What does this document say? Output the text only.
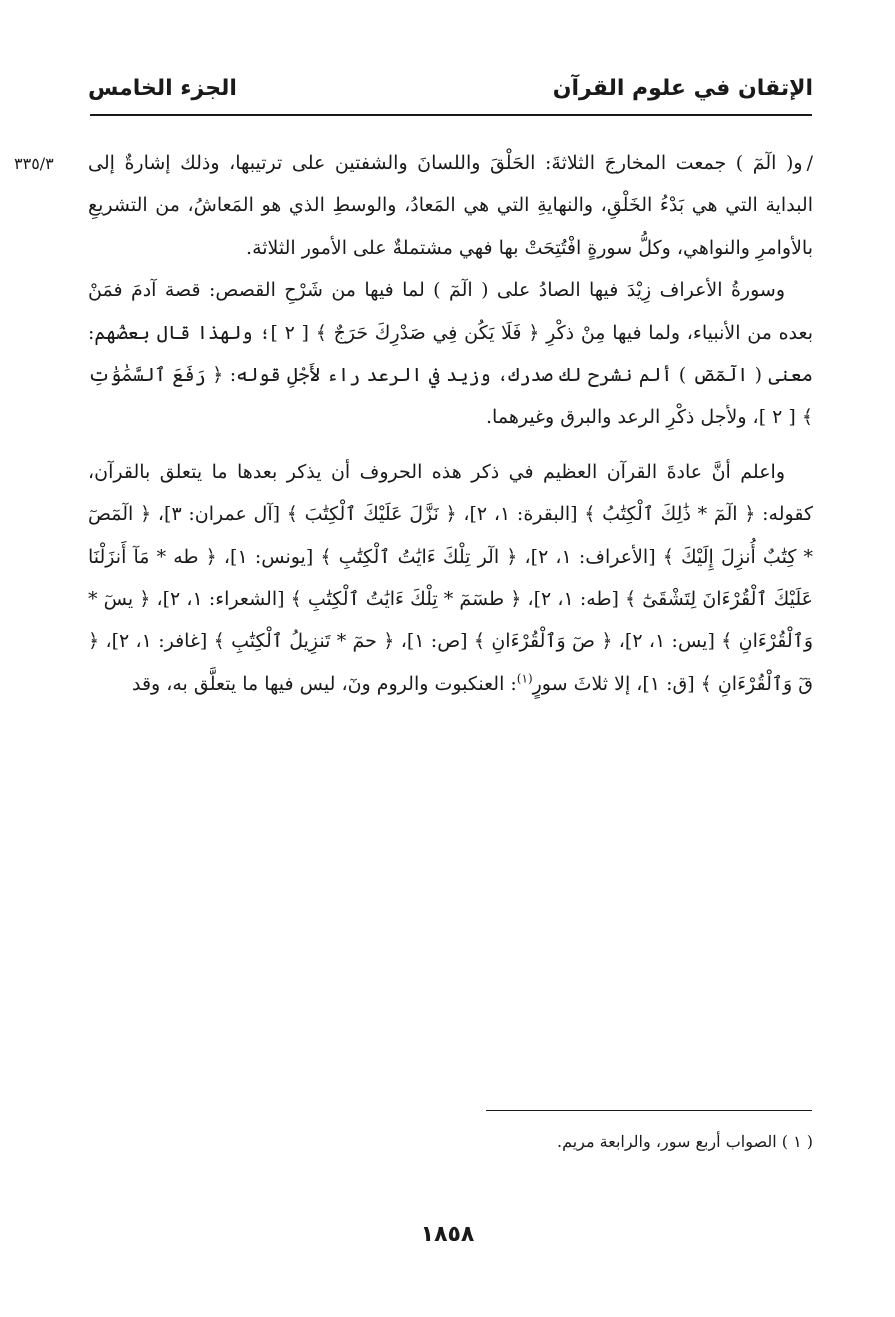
الإتقان في علوم القرآن
الجزء الخامس
٣٣٥/٣	/و( الٓمٓ ) جمعت المخارجَ الثلاثةَ: الحَلْقَ واللسانَ والشفتين على ترتيبها، وذلك إشارةٌ إلى البداية التي هي بَدْءُ الخَلْقِ، والنهايةِ التي هي المَعادُ، والوسطِ الذي هو المَعاشُ، من التشريعِ بالأوامرِ والنواهي، وكلُّ سورةٍ افْتُتِحَتْ بها فهي مشتملةٌ على الأمور الثلاثة.

وسورةُ الأعراف زِيْدَ فيها الصادُ على ( الٓمٓ ) لما فيها من شَرْحِ القصص: قصة آدمَ فمَنْ بعده من الأنبياء، ولما فيها مِنْ ذكْرِ ﴿ فَلَا يَكُن فِي صَدْرِكَ حَرَجٌ ﴾ [ ٢ ]؛ ولهذا قال بعضُهم: معنى ( الٓمٓصٓ ) ألم نشرح لك صدرك، وزيد في الرعد راء لأَجْلِ قوله: ﴿ رَفَعَ ٱلسَّمَٰوَٰتِ ﴾ [ ٢ ]، ولأجل ذكْرِ الرعد والبرق وغيرهما.

واعلم أنَّ عادةَ القرآن العظيم في ذكر هذه الحروف أن يذكر بعدها ما يتعلق بالقرآن، كقوله: ﴿ الٓمٓ * ذَٰلِكَ ٱلْكِتَٰبُ ﴾ [البقرة: ١، ٢]، ﴿ نَزَّلَ عَلَيْكَ ٱلْكِتَٰبَ ﴾ [آل عمران: ٣]، ﴿ الٓمٓصٓ * كِتَٰبٌ أُنزِلَ إِلَيْكَ ﴾ [الأعراف: ١، ٢]، ﴿ الٓر تِلْكَ ءَايَٰتُ ٱلْكِتَٰبِ ﴾ [يونس: ١]، ﴿ طه * مَآ أَنزَلْنَا عَلَيْكَ ٱلْقُرْءَانَ لِتَشْقَىٰٓ ﴾ [طه: ١، ٢]، ﴿ طسٓمٓ * تِلْكَ ءَايَٰتُ ٱلْكِتَٰبِ ﴾ [الشعراء: ١، ٢]، ﴿ يسٓ * وَٱلْقُرْءَانِ ﴾ [يس: ١، ٢]، ﴿ صٓ وَٱلْقُرْءَانِ ﴾ [ص: ١]، ﴿ حمٓ * تَنزِيلُ ٱلْكِتَٰبِ ﴾ [غافر: ١، ٢]، ﴿ قٓ وَٱلْقُرْءَانِ ﴾ [ق: ١]، إلا ثلاثَ سورٍ$^{(١)}$: العنكبوت والروم ونٓ، ليس فيها ما يتعلَّق به، وقد

( ١ ) الصواب أربع سور، والرابعة مريم.
١٨٥٨
